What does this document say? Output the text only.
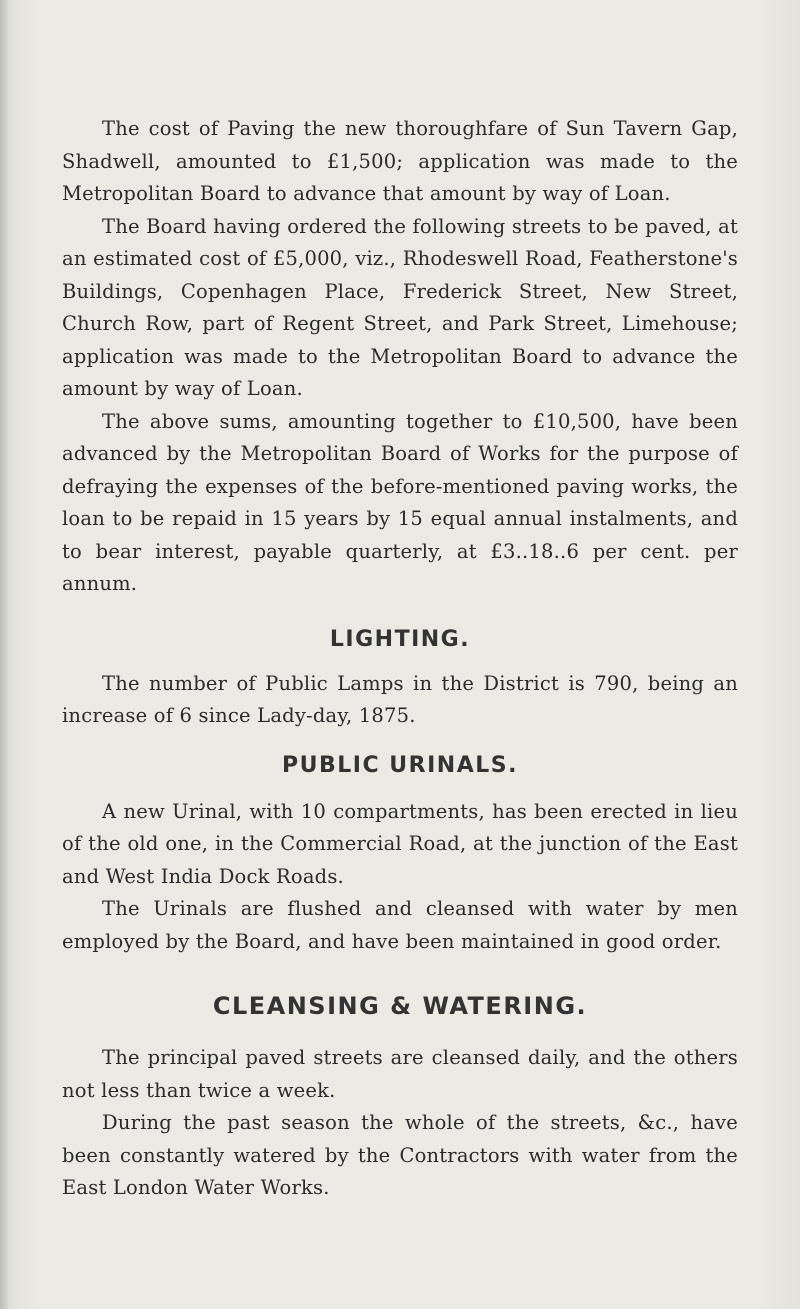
The cost of Paving the new thoroughfare of Sun Tavern Gap, Shadwell, amounted to £1,500; application was made to the Metropolitan Board to advance that amount by way of Loan.

The Board having ordered the following streets to be paved, at an estimated cost of £5,000, viz., Rhodeswell Road, Featherstone's Buildings, Copenhagen Place, Frederick Street, New Street, Church Row, part of Regent Street, and Park Street, Limehouse; application was made to the Metropolitan Board to advance the amount by way of Loan.

The above sums, amounting together to £10,500, have been advanced by the Metropolitan Board of Works for the purpose of defraying the expenses of the before-mentioned paving works, the loan to be repaid in 15 years by 15 equal annual instalments, and to bear interest, payable quarterly, at £3..18..6 per cent. per annum.

LIGHTING.

The number of Public Lamps in the District is 790, being an increase of 6 since Lady-day, 1875.

PUBLIC URINALS.

A new Urinal, with 10 compartments, has been erected in lieu of the old one, in the Commercial Road, at the junction of the East and West India Dock Roads.

The Urinals are flushed and cleansed with water by men employed by the Board, and have been maintained in good order.

CLEANSING & WATERING.

The principal paved streets are cleansed daily, and the others not less than twice a week.

During the past season the whole of the streets, &c., have been constantly watered by the Contractors with water from the East London Water Works.
